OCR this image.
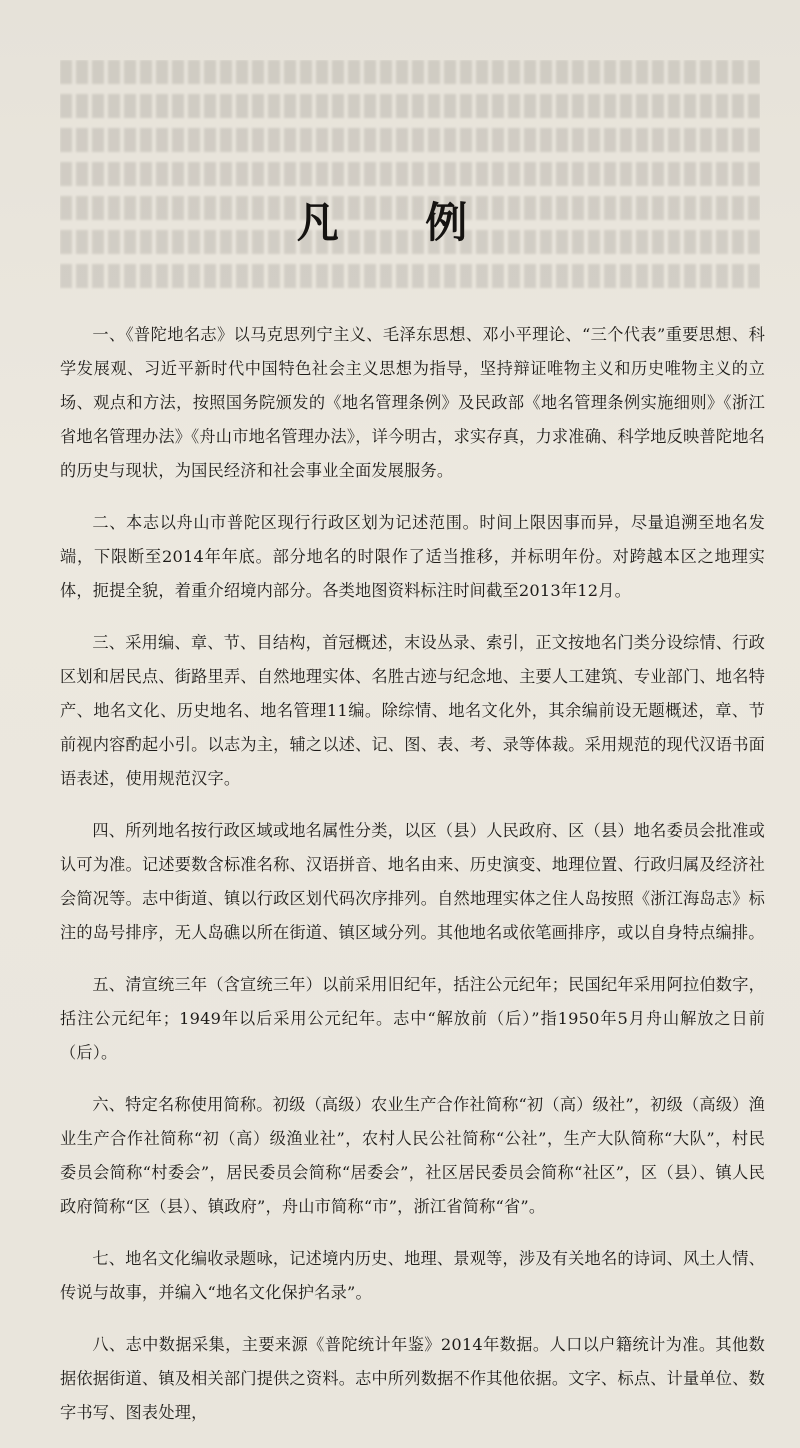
凡 例

一、《普陀地名志》以马克思列宁主义、毛泽东思想、邓小平理论、“三个代表”重要思想、科学发展观、习近平新时代中国特色社会主义思想为指导，坚持辩证唯物主义和历史唯物主义的立场、观点和方法，按照国务院颁发的《地名管理条例》及民政部《地名管理条例实施细则》《浙江省地名管理办法》《舟山市地名管理办法》，详今明古，求实存真，力求准确、科学地反映普陀地名的历史与现状，为国民经济和社会事业全面发展服务。

二、本志以舟山市普陀区现行行政区划为记述范围。时间上限因事而异，尽量追溯至地名发端，下限断至2014年年底。部分地名的时限作了适当推移，并标明年份。对跨越本区之地理实体，扼提全貌，着重介绍境内部分。各类地图资料标注时间截至2013年12月。

三、采用编、章、节、目结构，首冠概述，末设丛录、索引，正文按地名门类分设综情、行政区划和居民点、街路里弄、自然地理实体、名胜古迹与纪念地、主要人工建筑、专业部门、地名特产、地名文化、历史地名、地名管理11编。除综情、地名文化外，其余编前设无题概述，章、节前视内容酌起小引。以志为主，辅之以述、记、图、表、考、录等体裁。采用规范的现代汉语书面语表述，使用规范汉字。

四、所列地名按行政区域或地名属性分类，以区（县）人民政府、区（县）地名委员会批准或认可为准。记述要数含标准名称、汉语拼音、地名由来、历史演变、地理位置、行政归属及经济社会简况等。志中街道、镇以行政区划代码次序排列。自然地理实体之住人岛按照《浙江海岛志》标注的岛号排序，无人岛礁以所在街道、镇区域分列。其他地名或依笔画排序，或以自身特点编排。

五、清宣统三年（含宣统三年）以前采用旧纪年，括注公元纪年；民国纪年采用阿拉伯数字，括注公元纪年；1949年以后采用公元纪年。志中“解放前（后）”指1950年5月舟山解放之日前（后）。

六、特定名称使用简称。初级（高级）农业生产合作社简称“初（高）级社”，初级（高级）渔业生产合作社简称“初（高）级渔业社”，农村人民公社简称“公社”，生产大队简称“大队”，村民委员会简称“村委会”，居民委员会简称“居委会”，社区居民委员会简称“社区”，区（县）、镇人民政府简称“区（县）、镇政府”，舟山市简称“市”，浙江省简称“省”。

七、地名文化编收录题咏，记述境内历史、地理、景观等，涉及有关地名的诗词、风土人情、传说与故事，并编入“地名文化保护名录”。

八、志中数据采集，主要来源《普陀统计年鉴》2014年数据。人口以户籍统计为准。其他数据依据街道、镇及相关部门提供之资料。志中所列数据不作其他依据。文字、标点、计量单位、数字书写、图表处理，
